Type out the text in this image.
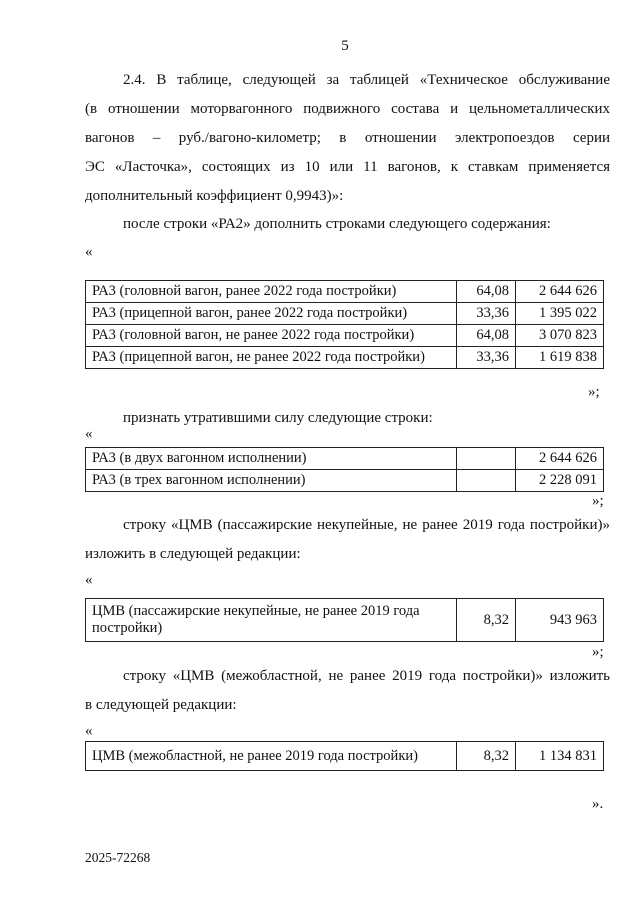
5
2.4. В таблице, следующей за таблицей «Техническое обслуживание
(в отношении моторвагонного подвижного состава и цельнометаллических
вагонов – руб./вагоно-километр; в отношении электропоездов серии
ЭС «Ласточка», состоящих из 10 или 11 вагонов, к ставкам применяется
дополнительный коэффициент 0,9943)»:
после строки «РА2» дополнить строками следующего содержания:
«
РА3 (головной вагон, ранее 2022 года постройки)	64,08	2 644 626
РА3 (прицепной вагон, ранее 2022 года постройки)	33,36	1 395 022
РА3 (головной вагон, не ранее 2022 года постройки)	64,08	3 070 823
РА3 (прицепной вагон, не ранее 2022 года постройки)	33,36	1 619 838
»;
признать утратившими силу следующие строки:
«
РА3 (в двух вагонном исполнении)		2 644 626
РА3 (в трех вагонном исполнении)		2 228 091
»;
строку «ЦМВ (пассажирские некупейные, не ранее 2019 года постройки)»
изложить в следующей редакции:
«
ЦМВ (пассажирские некупейные, не ранее 2019 года постройки)	8,32	943 963
»;
строку «ЦМВ (межобластной, не ранее 2019 года постройки)» изложить
в следующей редакции:
«
ЦМВ (межобластной, не ранее 2019 года постройки)	8,32	1 134 831
».
2025-72268
